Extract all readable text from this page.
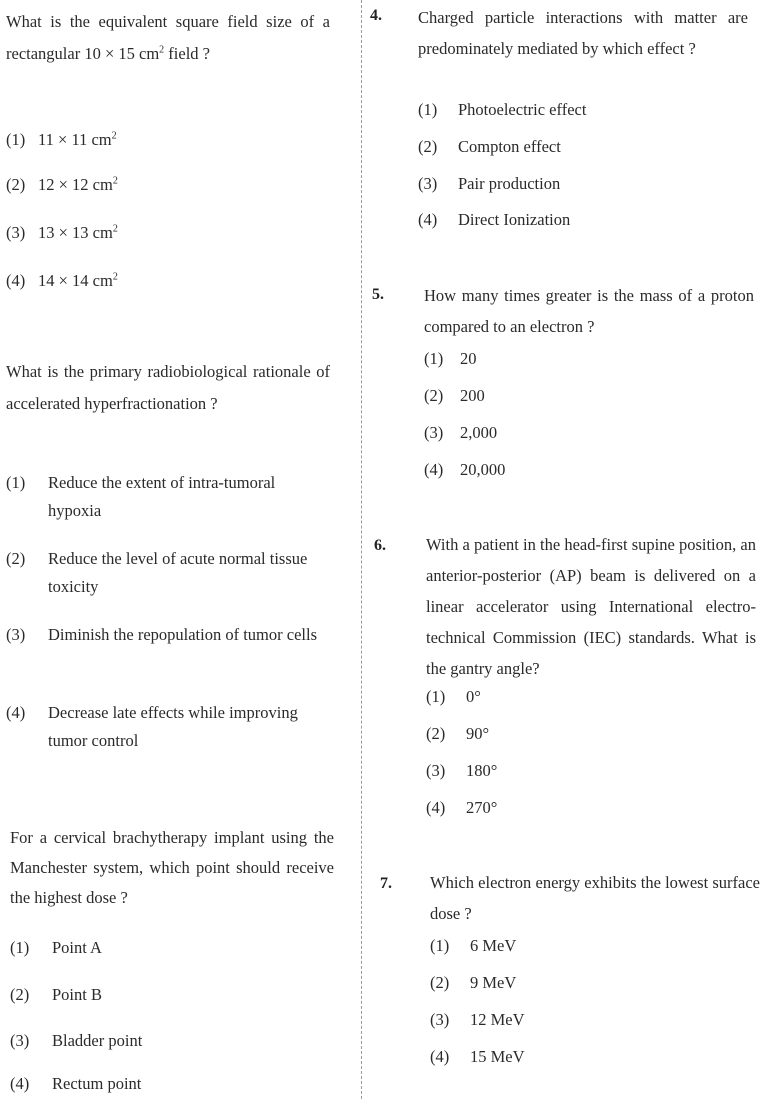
What is the equivalent square field size of a rectangular 10 × 15 $cm^2$ field ?
(1) 11 × 11 $cm^2$
(2) 12 × 12 $cm^2$
(3) 13 × 13 $cm^2$
(4) 14 × 14 $cm^2$
What is the primary radiobiological rationale of accelerated hyperfractionation ?
(1) Reduce the extent of intra-tumoral hypoxia
(2) Reduce the level of acute normal tissue toxicity
(3) Diminish the repopulation of tumor cells
(4) Decrease late effects while improving tumor control
For a cervical brachytherapy implant using the Manchester system, which point should receive the highest dose ?
(1) Point A
(2) Point B
(3) Bladder point
(4) Rectum point
4. Charged particle interactions with matter are predominately mediated by which effect ?
(1) Photoelectric effect
(2) Compton effect
(3) Pair production
(4) Direct Ionization
5. How many times greater is the mass of a proton compared to an electron ?
(1) 20
(2) 200
(3) 2,000
(4) 20,000
6. With a patient in the head-first supine position, an anterior-posterior (AP) beam is delivered on a linear accelerator using International electro-technical Commission (IEC) standards. What is the gantry angle?
(1) 0°
(2) 90°
(3) 180°
(4) 270°
7. Which electron energy exhibits the lowest surface dose ?
(1) 6 MeV
(2) 9 MeV
(3) 12 MeV
(4) 15 MeV
